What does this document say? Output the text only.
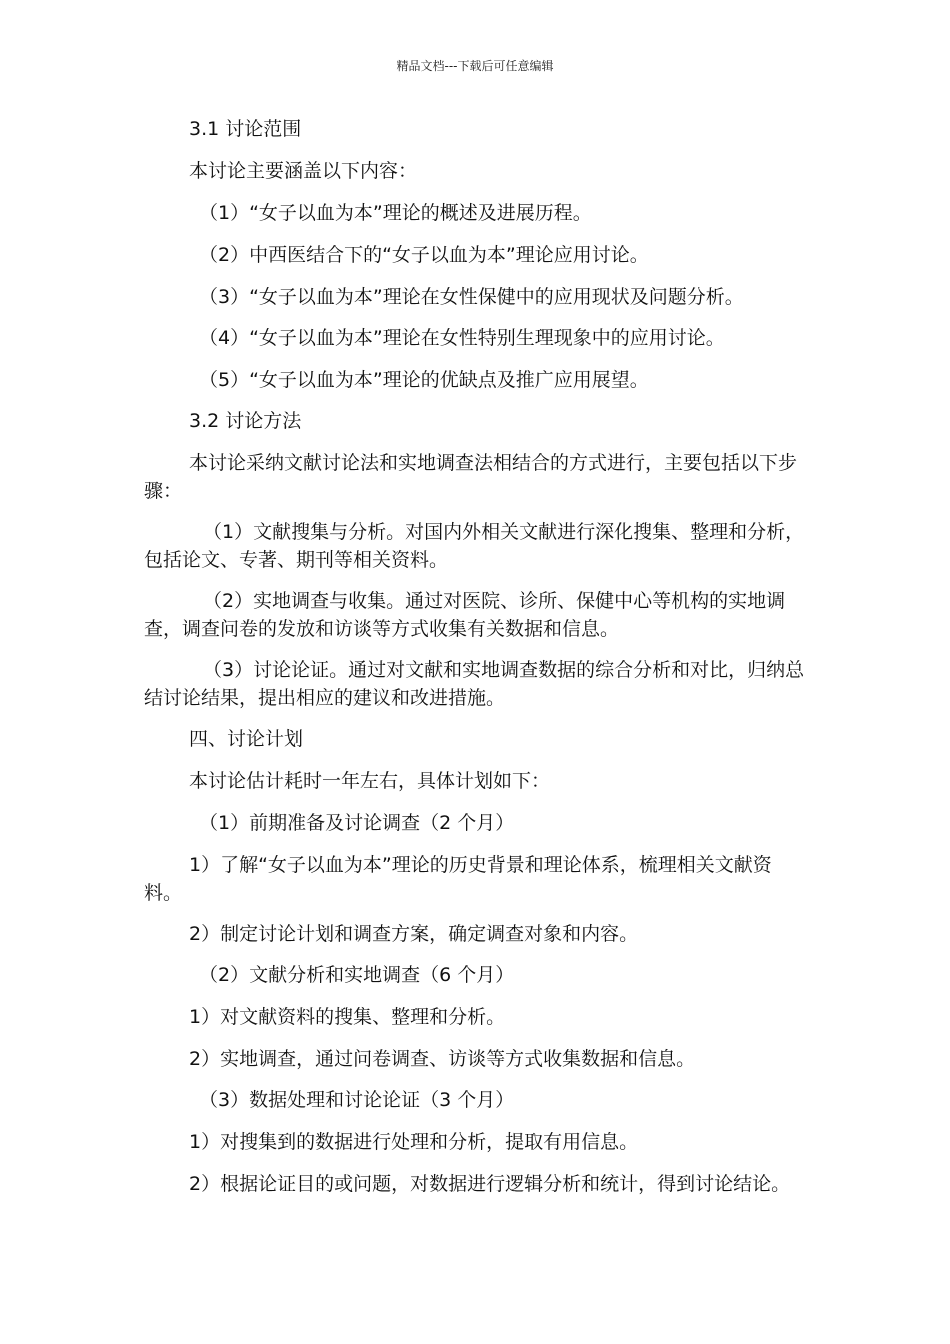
精品文档---下载后可任意编辑

3.1 讨论范围

本讨论主要涵盖以下内容：

（1）“女子以血为本”理论的概述及进展历程。

（2）中西医结合下的“女子以血为本”理论应用讨论。

（3）“女子以血为本”理论在女性保健中的应用现状及问题分析。

（4）“女子以血为本”理论在女性特别生理现象中的应用讨论。

（5）“女子以血为本”理论的优缺点及推广应用展望。

3.2 讨论方法

本讨论采纳文献讨论法和实地调查法相结合的方式进行，主要包括以下步骤：

（1）文献搜集与分析。对国内外相关文献进行深化搜集、整理和分析，包括论文、专著、期刊等相关资料。

（2）实地调查与收集。通过对医院、诊所、保健中心等机构的实地调查，调查问卷的发放和访谈等方式收集有关数据和信息。

（3）讨论论证。通过对文献和实地调查数据的综合分析和对比，归纳总结讨论结果，提出相应的建议和改进措施。

四、讨论计划

本讨论估计耗时一年左右，具体计划如下：

（1）前期准备及讨论调查（2 个月）

1）了解“女子以血为本”理论的历史背景和理论体系，梳理相关文献资料。

2）制定讨论计划和调查方案，确定调查对象和内容。

（2）文献分析和实地调查（6 个月）

1）对文献资料的搜集、整理和分析。

2）实地调查，通过问卷调查、访谈等方式收集数据和信息。

（3）数据处理和讨论论证（3 个月）

1）对搜集到的数据进行处理和分析，提取有用信息。

2）根据论证目的或问题，对数据进行逻辑分析和统计，得到讨论结论。
